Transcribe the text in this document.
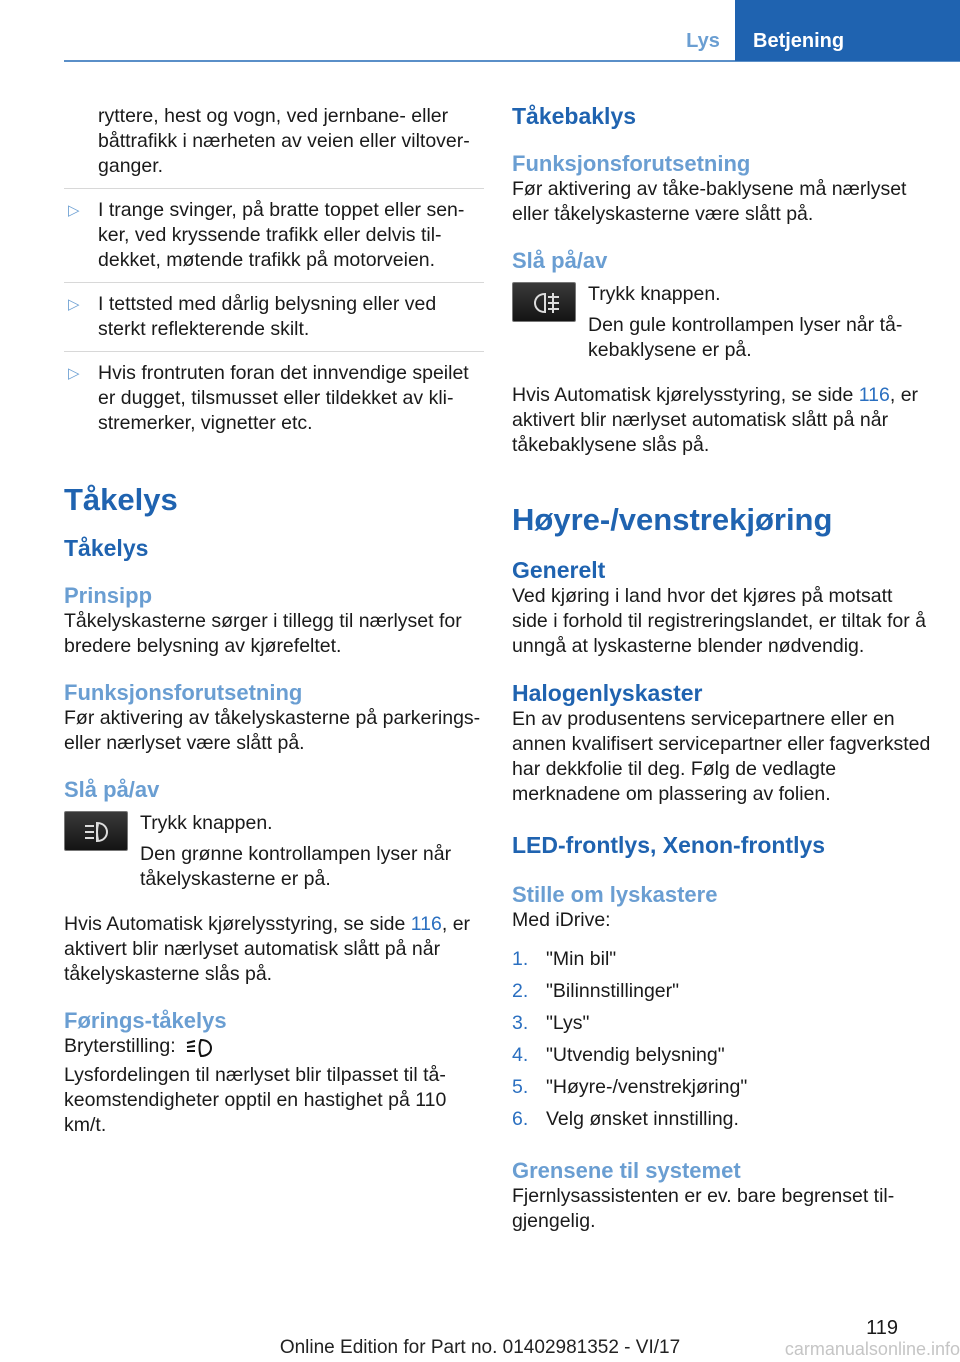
Lys	Betjening

ryttere, hest og vogn, ved jernbane- eller båttrafikk i nærheten av veien eller viltoverganger.

▷ I trange svinger, på bratte toppet eller senker, ved kryssende trafikk eller delvis tildekket, møtende trafikk på motorveien.

▷ I tettsted med dårlig belysning eller ved sterkt reflekterende skilt.

▷ Hvis frontruten foran det innvendige speilet er dugget, tilsmusset eller tildekket av klistremerker, vignetter etc.

Tåkelys
Tåkelys
Prinsipp

Tåkelyskasterne sørger i tillegg til nærlyset for bredere belysning av kjørefeltet.

Funksjonsforutsetning

Før aktivering av tåkelyskasterne på parkerings- eller nærlyset være slått på.

Slå på/av

Trykk knappen.

Den grønne kontrollampen lyser når tåkelyskasterne er på.

Hvis Automatisk kjørelysstyring, se side 116, er aktivert blir nærlyset automatisk slått på når tåkelyskasterne slås på.

Førings-tåkelys

Bryterstilling:

Lysfordelingen til nærlyset blir tilpasset til tåkeomstendigheter opptil en hastighet på 110 km/t.

Tåkebaklys
Funksjonsforutsetning

Før aktivering av tåke-baklysene må nærlyset eller tåkelyskasterne være slått på.

Slå på/av

Trykk knappen.

Den gule kontrollampen lyser når tåkebaklysene er på.

Hvis Automatisk kjørelysstyring, se side 116, er aktivert blir nærlyset automatisk slått på når tåkebaklysene slås på.

Høyre-/venstrekjøring
Generelt

Ved kjøring i land hvor det kjøres på motsatt side i forhold til registreringslandet, er tiltak for å unngå at lyskasterne blender nødvendig.

Halogenlyskaster

En av produsentens servicepartnere eller en annen kvalifisert servicepartner eller fagverksted har dekkfolie til deg. Følg de vedlagte merknadene om plassering av folien.

LED-frontlys, Xenon-frontlys
Stille om lyskastere

Med iDrive:

1. "Min bil"
2. "Bilinnstillinger"
3. "Lys"
4. "Utvendig belysning"
5. "Høyre-/venstrekjøring"
6. Velg ønsket innstilling.
Grensene til systemet

Fjernlysassistenten er ev. bare begrenset tilgjengelig.

119
Online Edition for Part no. 01402981352 - VI/17	carmanualsonline.info
